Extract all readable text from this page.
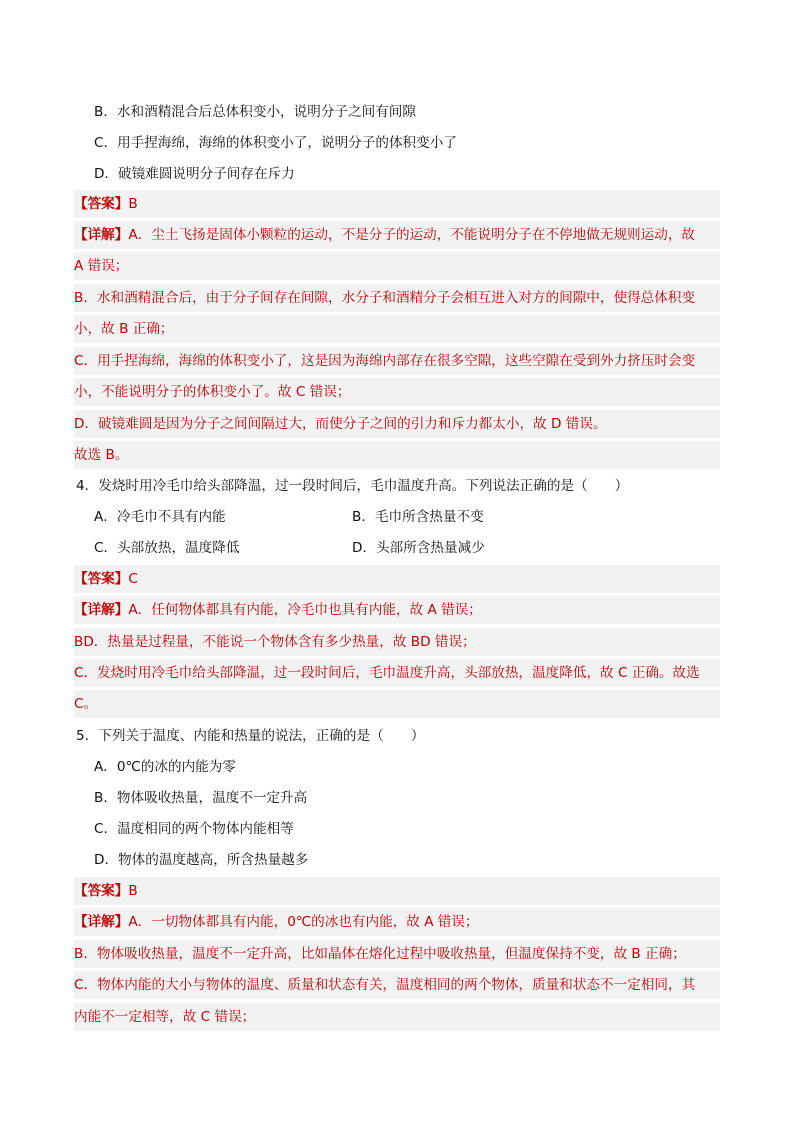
B．水和酒精混合后总体积变小，说明分子之间有间隙
C．用手捏海绵，海绵的体积变小了，说明分子的体积变小了
D．破镜难圆说明分子间存在斥力
【答案】B
【详解】A．尘土飞扬是固体小颗粒的运动，不是分子的运动，不能说明分子在不停地做无规则运动，故
A 错误；
B．水和酒精混合后，由于分子间存在间隙，水分子和酒精分子会相互进入对方的间隙中，使得总体积变
小，故 B 正确；
C．用手捏海绵，海绵的体积变小了，这是因为海绵内部存在很多空隙，这些空隙在受到外力挤压时会变
小，不能说明分子的体积变小了。故 C 错误；
D．破镜难圆是因为分子之间间隔过大，而使分子之间的引力和斥力都太小，故 D 错误。
故选 B。
4．发烧时用冷毛巾给头部降温，过一段时间后，毛巾温度升高。下列说法正确的是（　　）
A．冷毛巾不具有内能	B．毛巾所含热量不变
C．头部放热，温度降低	D．头部所含热量减少
【答案】C
【详解】A．任何物体都具有内能，冷毛巾也具有内能，故 A 错误；
BD．热量是过程量，不能说一个物体含有多少热量，故 BD 错误；
C．发烧时用冷毛巾给头部降温，过一段时间后，毛巾温度升高，头部放热，温度降低，故 C 正确。故选
C。
5．下列关于温度、内能和热量的说法，正确的是（　　）
A．0℃的冰的内能为零
B．物体吸收热量，温度不一定升高
C．温度相同的两个物体内能相等
D．物体的温度越高，所含热量越多
【答案】B
【详解】A．一切物体都具有内能，0℃的冰也有内能，故 A 错误；
B．物体吸收热量，温度不一定升高，比如晶体在熔化过程中吸收热量，但温度保持不变，故 B 正确；
C．物体内能的大小与物体的温度、质量和状态有关，温度相同的两个物体，质量和状态不一定相同，其
内能不一定相等，故 C 错误；
